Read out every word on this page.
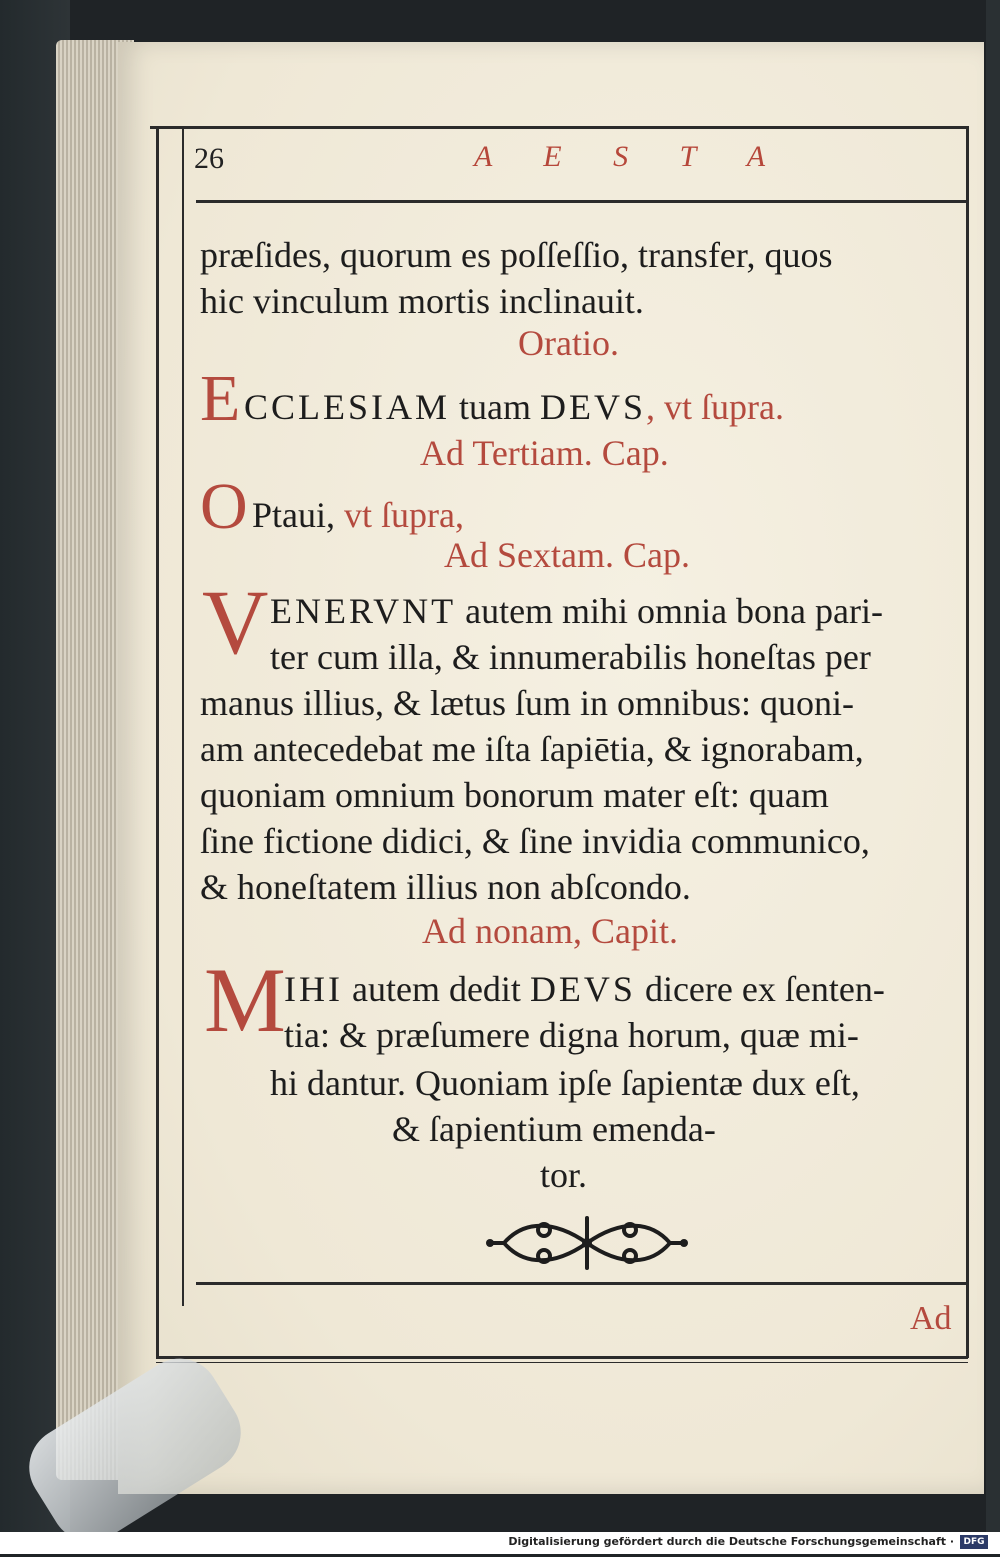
26	A E S T A
præſides, quorum es poſſeſſio, transfer, quos
hic vinculum mortis inclinauit.
Oratio.
E CCLESIAM tuam DEVS, vt ſupra.
Ad Tertiam. Cap.
O Ptaui, vt ſupra,
Ad Sextam. Cap.
V ENERVNT autem mihi omnia bona pari-
ter cum illa, & innumerabilis honeſtas per
manus illius, & lætus ſum in omnibus: quoni-
am antecedebat me iſta ſapiētia, & ignorabam,
quoniam omnium bonorum mater eſt: quam
ſine fictione didici, & ſine invidia communico,
& honeſtatem illius non abſcondo.
Ad nonam, Capit.
M
IHI autem dedit DEVS dicere ex ſenten-
tia: & præſumere digna horum, quæ mi-
hi dantur. Quoniam ipſe ſapientæ dux eſt,
& ſapientium emenda-
tor.
Ad
Digitalisierung gefördert durch die Deutsche Forschungsgemeinschaft ·	DFG
